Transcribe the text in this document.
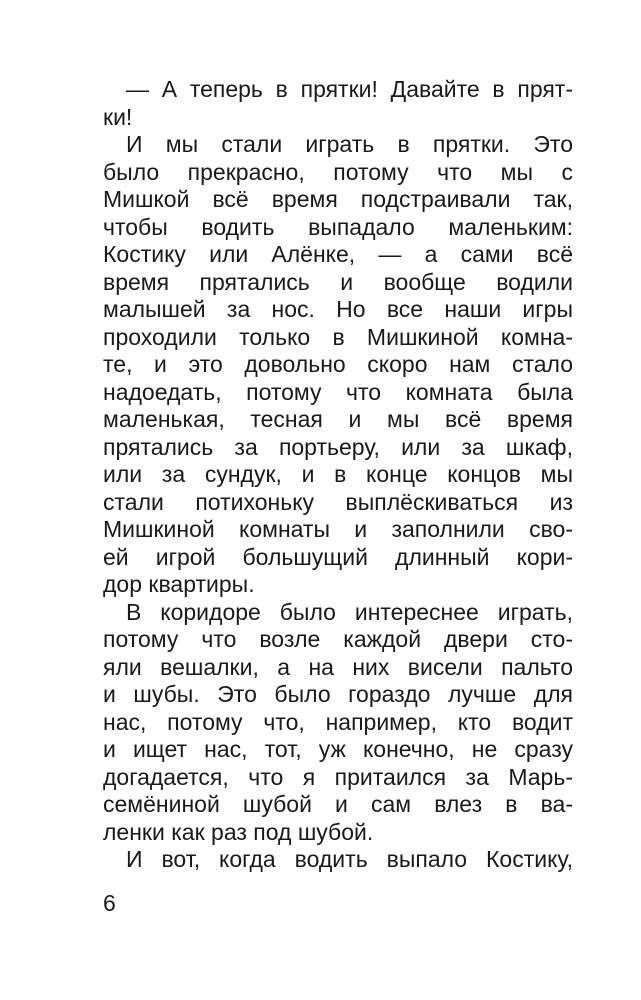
— А теперь в прятки! Давайте в прят-
ки!
И мы стали играть в прятки. Это
было прекрасно, потому что мы с
Мишкой всё время подстраивали так,
чтобы водить выпадало маленьким:
Костику или Алёнке, — а сами всё
время прятались и вообще водили
малышей за нос. Но все наши игры
проходили только в Мишкиной комна-
те, и это довольно скоро нам стало
надоедать, потому что комната была
маленькая, тесная и мы всё время
прятались за портьеру, или за шкаф,
или за сундук, и в конце концов мы
стали потихоньку выплёскиваться из
Мишкиной комнаты и заполнили сво-
ей игрой большущий длинный кори-
дор квартиры.
В коридоре было интереснее играть,
потому что возле каждой двери сто-
яли вешалки, а на них висели пальто
и шубы. Это было гораздо лучше для
нас, потому что, например, кто водит
и ищет нас, тот, уж конечно, не сразу
догадается, что я притаился за Марь-
семёниной шубой и сам влез в ва-
ленки как раз под шубой.
И вот, когда водить выпало Костику,
6
